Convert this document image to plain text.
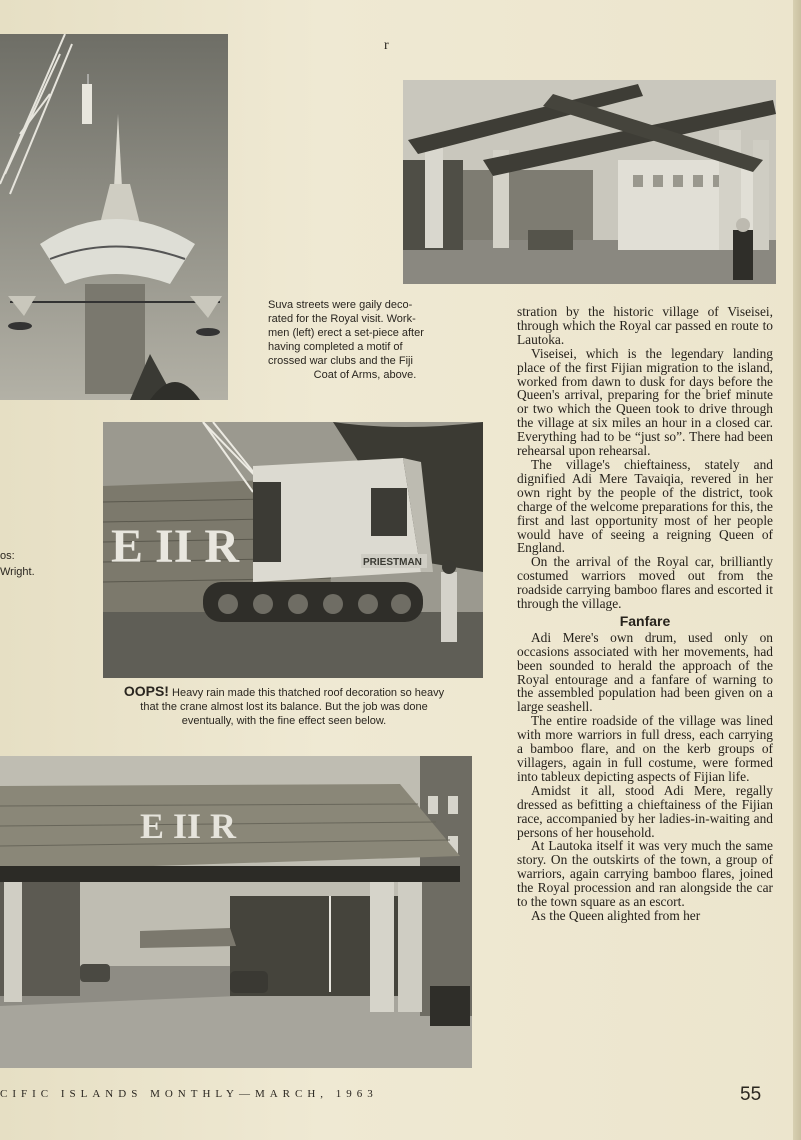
r
Suva streets were gaily deco-
rated for the Royal visit. Work-
men (left) erect a set-piece after
having completed a motif of
crossed war clubs and the Fiji
Coat of Arms, above.
os:
Wright.	E II R	PRIESTMAN
OOPS! Heavy rain made this thatched roof decoration so heavy
that the crane almost lost its balance. But the job was done
eventually, with the fine effect seen below.
E II R

stration by the historic village of Viseisei, through which the Royal car passed en route to Lautoka.

Viseisei, which is the legendary landing place of the first Fijian migration to the island, worked from dawn to dusk for days before the Queen's arrival, preparing for the brief minute or two which the Queen took to drive through the village at six miles an hour in a closed car. Everything had to be “just so”. There had been rehearsal upon rehearsal.

The village's chieftainess, stately and dignified Adi Mere Tavaiqia, revered in her own right by the people of the district, took charge of the welcome preparations for this, the first and last opportunity most of her people would have of seeing a reigning Queen of England.

On the arrival of the Royal car, brilliantly costumed warriors moved out from the roadside carrying bamboo flares and escorted it through the village.

Fanfare

Adi Mere's own drum, used only on occasions associated with her movements, had been sounded to herald the approach of the Royal entourage and a fanfare of warning to the assembled population had been given on a large seashell.

The entire roadside of the village was lined with more warriors in full dress, each carrying a bamboo flare, and on the kerb groups of villagers, again in full costume, were formed into tableux depicting aspects of Fijian life.

Amidst it all, stood Adi Mere, regally dressed as befitting a chieftainess of the Fijian race, accompanied by her ladies-in-waiting and persons of her household.

At Lautoka itself it was very much the same story. On the outskirts of the town, a group of warriors, again carrying bamboo flares, joined the Royal procession and ran alongside the car to the town square as an escort.

As the Queen alighted from her

CIFIC ISLANDS MONTHLY—MARCH, 1963	55
